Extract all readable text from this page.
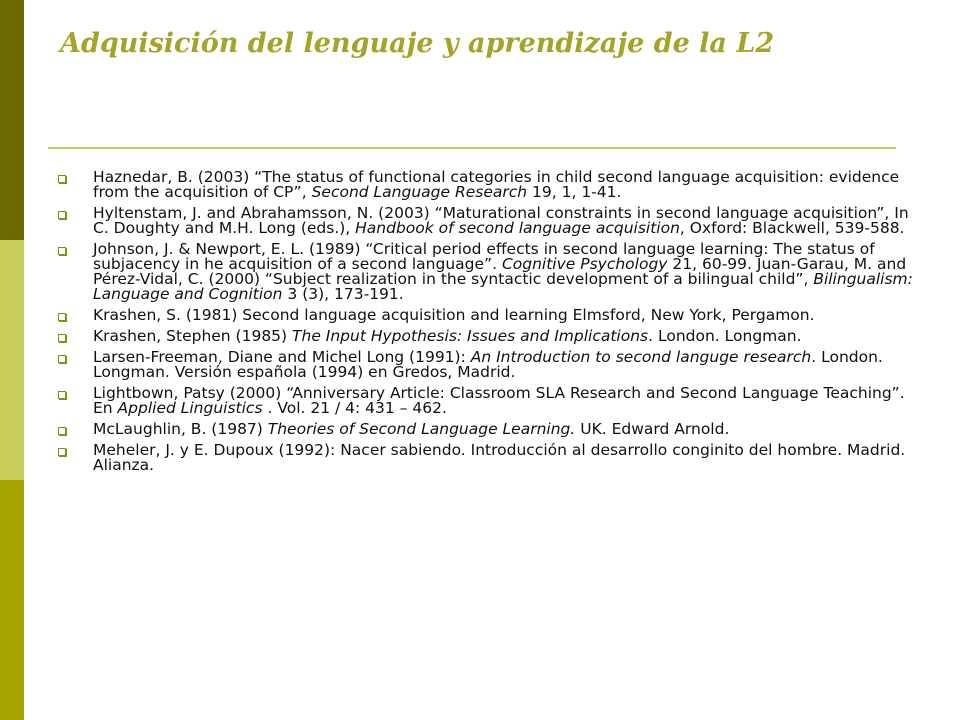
Adquisición del lenguaje y aprendizaje de la L2
Haznedar, B. (2003) “The status of functional categories in child second language acquisition: evidence from the acquisition of CP”, Second Language Research 19, 1, 1-41.
Hyltenstam, J. and Abrahamsson, N. (2003) “Maturational constraints in second language acquisition”, In C. Doughty and M.H. Long (eds.), Handbook of second language acquisition, Oxford: Blackwell, 539-588.
Johnson, J. & Newport, E. L. (1989) “Critical period effects in second language learning: The status of subjacency in he acquisition of a second language”. Cognitive Psychology 21, 60-99. Juan-Garau, M. and Pérez-Vidal, C. (2000) “Subject realization in the syntactic development of a bilingual child”, Bilingualism: Language and Cognition 3 (3), 173-191.
Krashen, S. (1981) Second language acquisition and learning Elmsford, New York, Pergamon.
Krashen, Stephen (1985) The Input Hypothesis: Issues and Implications. London. Longman.
Larsen-Freeman, Diane and Michel Long (1991): An Introduction to second languge research. London. Longman. Versión española (1994) en Gredos, Madrid.
Lightbown, Patsy (2000) “Anniversary Article: Classroom SLA Research and Second Language Teaching”. En Applied Linguistics . Vol. 21 / 4: 431 – 462.
McLaughlin, B. (1987) Theories of Second Language Learning. UK. Edward Arnold.
Meheler, J. y E. Dupoux (1992): Nacer sabiendo. Introducción al desarrollo conginito del hombre. Madrid. Alianza.
